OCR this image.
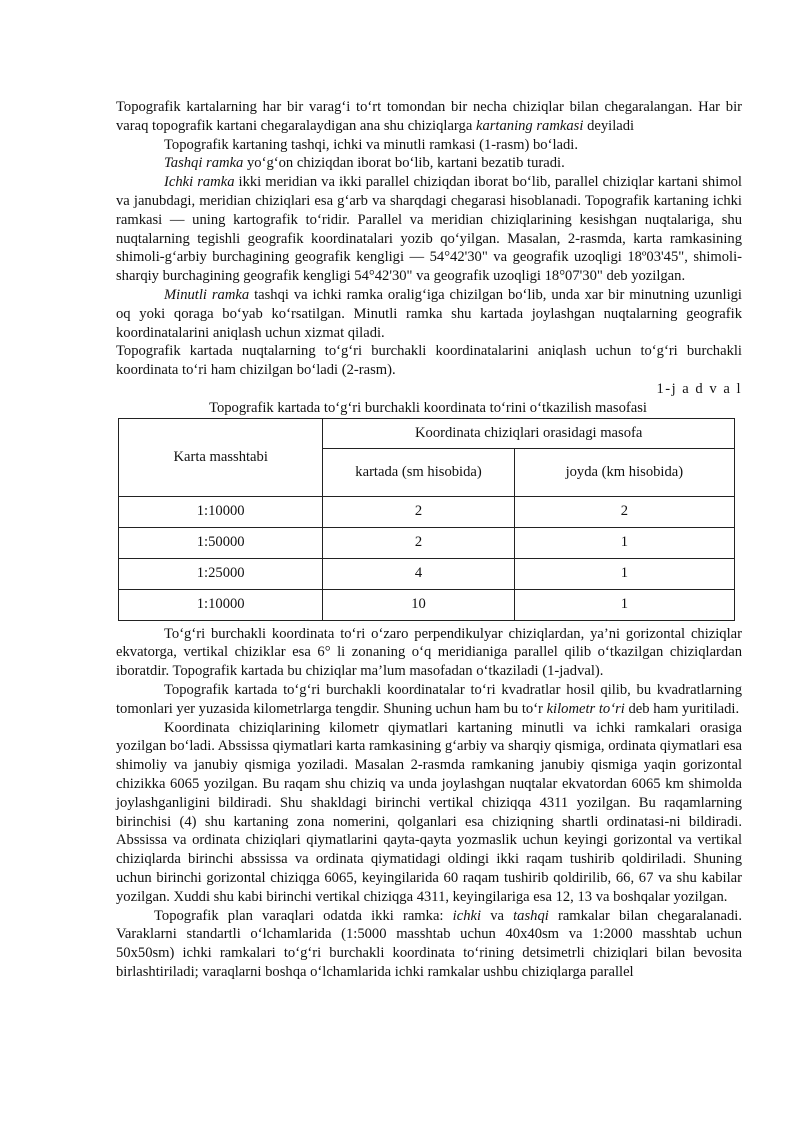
Topografik kartalarning har bir varag‘i to‘rt tomondan bir necha chiziqlar bilan chegaralangan. Har bir varaq topografik kartani chegaralaydigan ana shu chiziqlarga kartaning ramkasi deyiladi

Topografik kartaning tashqi, ichki va minutli ramkasi (1-rasm) bo‘ladi.

Tashqi ramka yo‘g‘on chiziqdan iborat bo‘lib, kartani bezatib turadi.

Ichki ramka ikki meridian va ikki parallel chiziqdan iborat bo‘lib, parallel chiziqlar kartani shimol va janubdagi, meridian chiziqlari esa g‘arb va sharqdagi chegarasi hisoblanadi. Topografik kartaning ichki ramkasi — uning kartografik to‘ridir. Parallel va meridian chiziqlarining kesishgan nuqtalariga, shu nuqtalarning tegishli geografik koordinatalari yozib qo‘yilgan. Masalan, 2-rasmda, karta ramkasining shimoli-g‘arbiy burchagining geografik kengligi — 54°42'30" va geografik uzoqligi 18º03'45", shimoli-sharqiy burchagining geografik kengligi 54°42'30" va geografik uzoqligi 18°07'30" deb yozilgan.

Minutli ramka tashqi va ichki ramka oralig‘iga chizilgan bo‘lib, unda xar bir minutning uzunligi oq yoki qoraga bo‘yab ko‘rsatilgan. Minutli ramka shu kartada joylashgan nuqtalarning geografik koordinatalarini aniqlash uchun xizmat qiladi.

Topografik kartada nuqtalarning to‘g‘ri burchakli koordinatalarini aniqlash uchun to‘g‘ri burchakli koordinata to‘ri ham chizilgan bo‘ladi (2-rasm).

1-j a d v a l

Topografik kartada to‘g‘ri burchakli koordinata to‘rini o‘tkazilish masofasi

Karta masshtabi	Koordinata chiziqlari orasidagi masofa	
	kartada (sm hisobida)	joyda (km hisobida)
1:10000	2	2
1:50000	2	1
1:25000	4	1
1:10000	10	1

To‘g‘ri burchakli koordinata to‘ri o‘zaro perpendikulyar chiziqlardan, ya’ni gorizontal chiziqlar ekvatorga, vertikal chiziklar esa 6° li zonaning o‘q meridianiga parallel qilib o‘tkazilgan chiziqlardan iboratdir. Topografik kartada bu chiziqlar ma’lum masofadan o‘tkaziladi (1-jadval).

Topografik kartada to‘g‘ri burchakli koordinatalar to‘ri kvadratlar hosil qilib, bu kvadratlarning tomonlari yer yuzasida kilometrlarga tengdir. Shuning uchun ham bu to‘r kilometr to‘ri deb ham yuritiladi.

Koordinata chiziqlarining kilometr qiymatlari kartaning minutli va ichki ramkalari orasiga yozilgan bo‘ladi. Abssissa qiymatlari karta ramkasining g‘arbiy va sharqiy qismiga, ordinata qiymatlari esa shimoliy va janubiy qismiga yoziladi. Masalan 2-rasmda ramkaning janubiy qismiga yaqin gorizontal chizikka 6065 yozilgan. Bu raqam shu chiziq va unda joylashgan nuqtalar ekvatordan 6065 km shimolda joylashganligini bildiradi. Shu shakldagi birinchi vertikal chiziqqa 4311 yozilgan. Bu raqamlarning birinchisi (4) shu kartaning zona nomerini, qolganlari esa chiziqning shartli ordinatasi-ni bildiradi. Abssissa va ordinata chiziqlari qiymatlarini qayta-qayta yozmaslik uchun keyingi gorizontal va vertikal chiziqlarda birinchi abssissa va ordinata qiymatidagi oldingi ikki raqam tushirib qoldiriladi. Shuning uchun birinchi gorizontal chiziqga 6065, keyingilarida 60 raqam tushirib qoldirilib, 66, 67 va shu kabilar yozilgan. Xuddi shu kabi birinchi vertikal chiziqga 4311, keyingilariga esa 12, 13 va boshqalar yozilgan.

Topografik plan varaqlari odatda ikki ramka: ichki va tashqi ramkalar bilan chegaralanadi. Varaklarni standartli o‘lchamlarida (1:5000 masshtab uchun 40x40sm va 1:2000 masshtab uchun 50x50sm) ichki ramkalari to‘g‘ri burchakli koordinata to‘rining detsimetrli chiziqlari bilan bevosita birlashtiriladi; varaqlarni boshqa o‘lchamlarida ichki ramkalar ushbu chiziqlarga parallel
